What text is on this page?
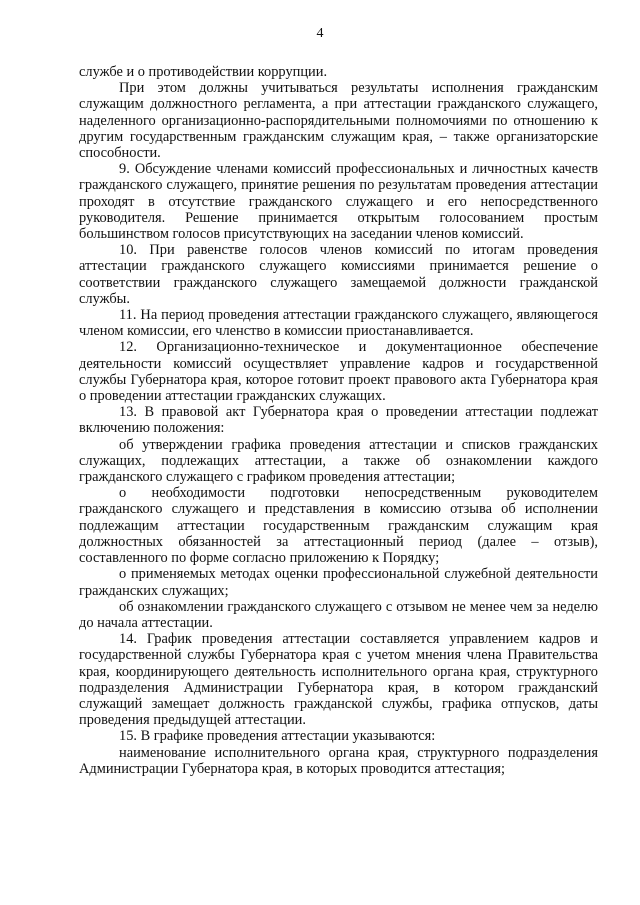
4

службе и о противодействии коррупции.

При этом должны учитываться результаты исполнения гражданским служащим должностного регламента, а при аттестации гражданского служащего, наделенного организационно-распорядительными полномочиями по отношению к другим государственным гражданским служащим края, – также организаторские способности.

9. Обсуждение членами комиссий профессиональных и личностных качеств гражданского служащего, принятие решения по результатам проведения аттестации проходят в отсутствие гражданского служащего и его непосредственного руководителя. Решение принимается открытым голосованием простым большинством голосов присутствующих на заседании членов комиссий.

10. При равенстве голосов членов комиссий по итогам проведения аттестации гражданского служащего комиссиями принимается решение о соответствии гражданского служащего замещаемой должности гражданской службы.

11. На период проведения аттестации гражданского служащего, являющегося членом комиссии, его членство в комиссии приостанавливается.

12. Организационно-техническое и документационное обеспечение деятельности комиссий осуществляет управление кадров и государственной службы Губернатора края, которое готовит проект правового акта Губернатора края о проведении аттестации гражданских служащих.

13. В правовой акт Губернатора края о проведении аттестации подлежат включению положения:

об утверждении графика проведения аттестации и списков гражданских служащих, подлежащих аттестации, а также об ознакомлении каждого гражданского служащего с графиком проведения аттестации;

о необходимости подготовки непосредственным руководителем гражданского служащего и представления в комиссию отзыва об исполнении подлежащим аттестации государственным гражданским служащим края должностных обязанностей за аттестационный период (далее – отзыв), составленного по форме согласно приложению к Порядку;

о применяемых методах оценки профессиональной служебной деятельности гражданских служащих;

об ознакомлении гражданского служащего с отзывом не менее чем за неделю до начала аттестации.

14. График проведения аттестации составляется управлением кадров и государственной службы Губернатора края с учетом мнения члена Правительства края, координирующего деятельность исполнительного органа края, структурного подразделения Администрации Губернатора края, в котором гражданский служащий замещает должность гражданской службы, графика отпусков, даты проведения предыдущей аттестации.

15. В графике проведения аттестации указываются:

наименование исполнительного органа края, структурного подразделения Администрации Губернатора края, в которых проводится аттестация;
